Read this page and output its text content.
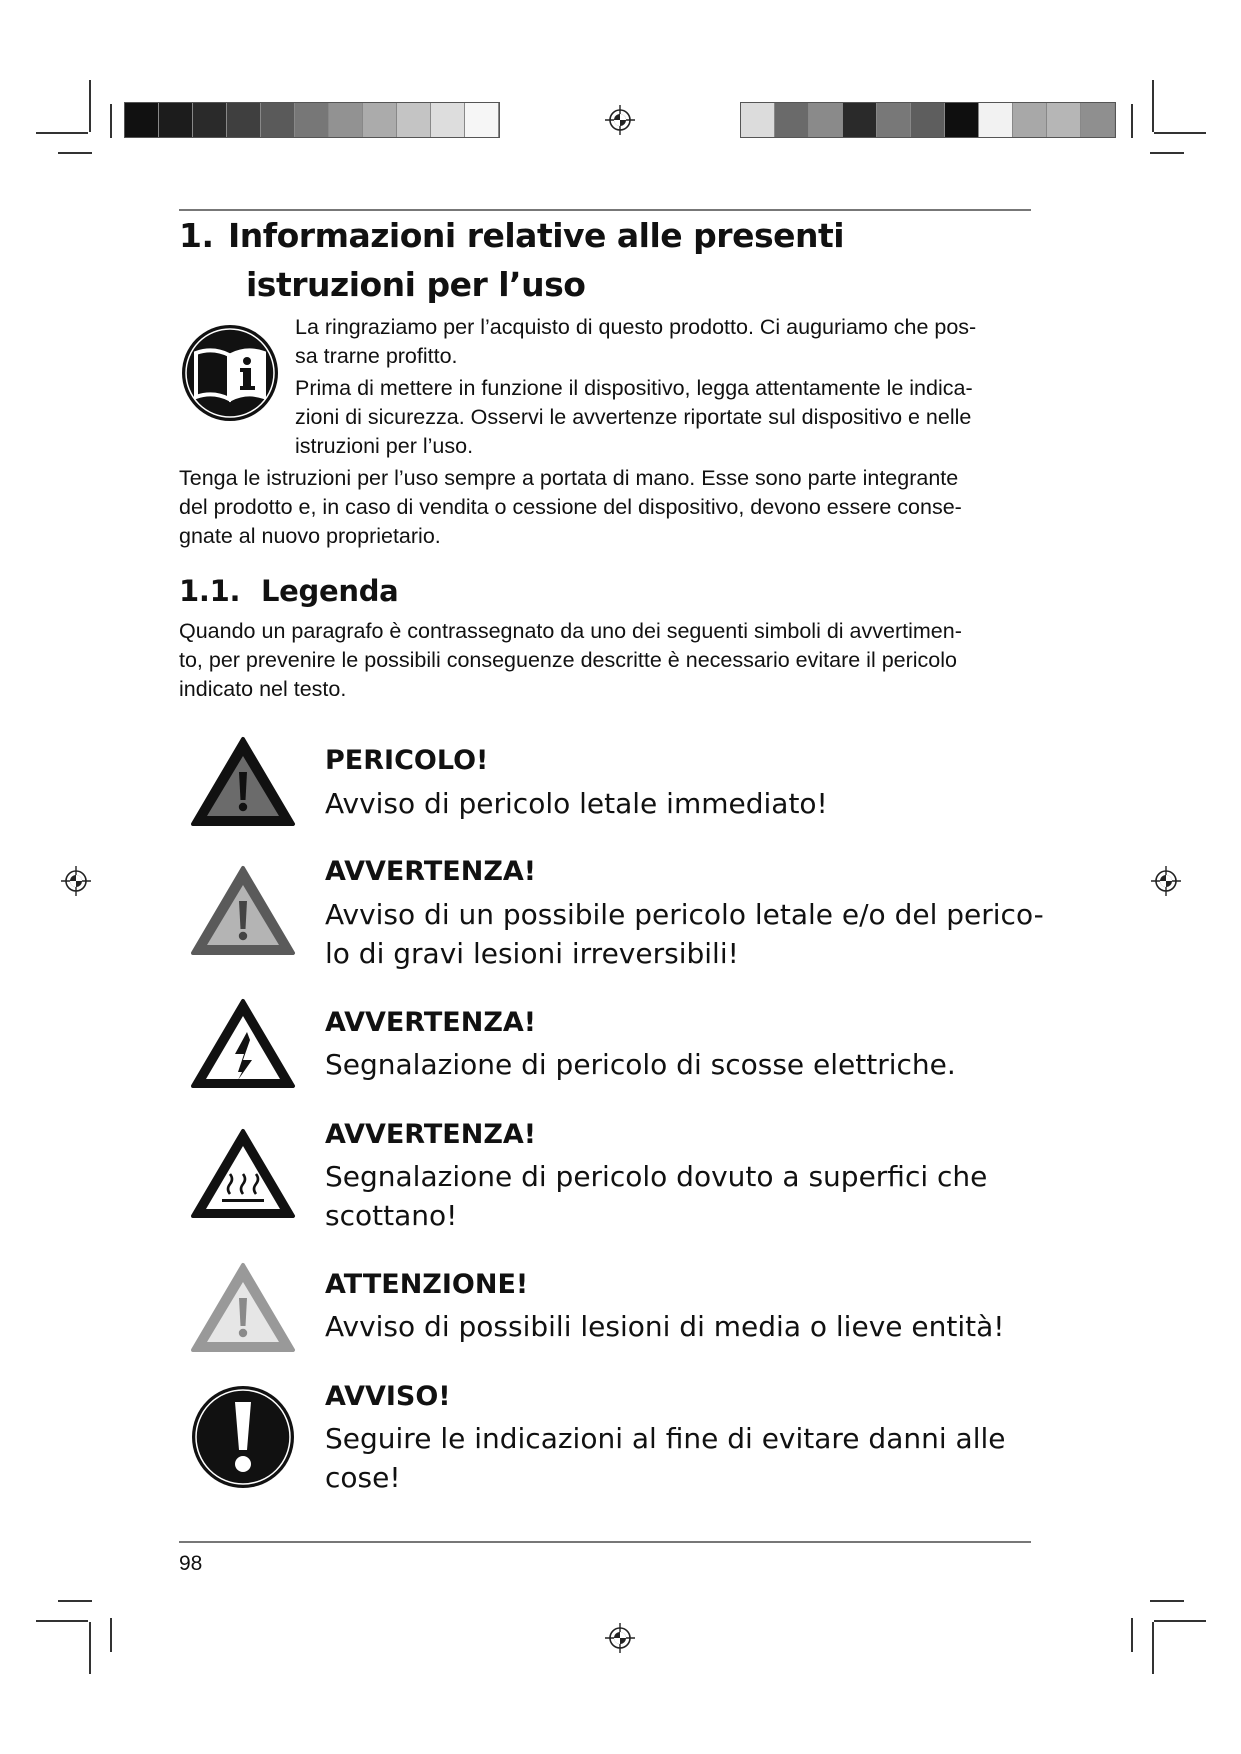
1. Informazioni relative alle presenti
istruzioni per l’uso
La ringraziamo per l’acquisto di questo prodotto. Ci auguriamo che pos-
sa trarne profitto.
Prima di mettere in funzione il dispositivo, legga attentamente le indica-
zioni di sicurezza. Osservi le avvertenze riportate sul dispositivo e nelle
istruzioni per l’uso.
Tenga le istruzioni per l’uso sempre a portata di mano. Esse sono parte integrante
del prodotto e, in caso di vendita o cessione del dispositivo, devono essere conse-
gnate al nuovo proprietario.
1.1. Legenda
Quando un paragrafo è contrassegnato da uno dei seguenti simboli di avvertimen-
to, per prevenire le possibili conseguenze descritte è necessario evitare il pericolo
indicato nel testo.
PERICOLO!
Avviso di pericolo letale immediato!
AVVERTENZA!
Avviso di un possibile pericolo letale e/o del perico-
lo di gravi lesioni irreversibili!
AVVERTENZA!
Segnalazione di pericolo di scosse elettriche.
AVVERTENZA!
Segnalazione di pericolo dovuto a superfici che
scottano!
ATTENZIONE!
Avviso di possibili lesioni di media o lieve entità!
AVVISO!
Seguire le indicazioni al fine di evitare danni alle
cose!
98
